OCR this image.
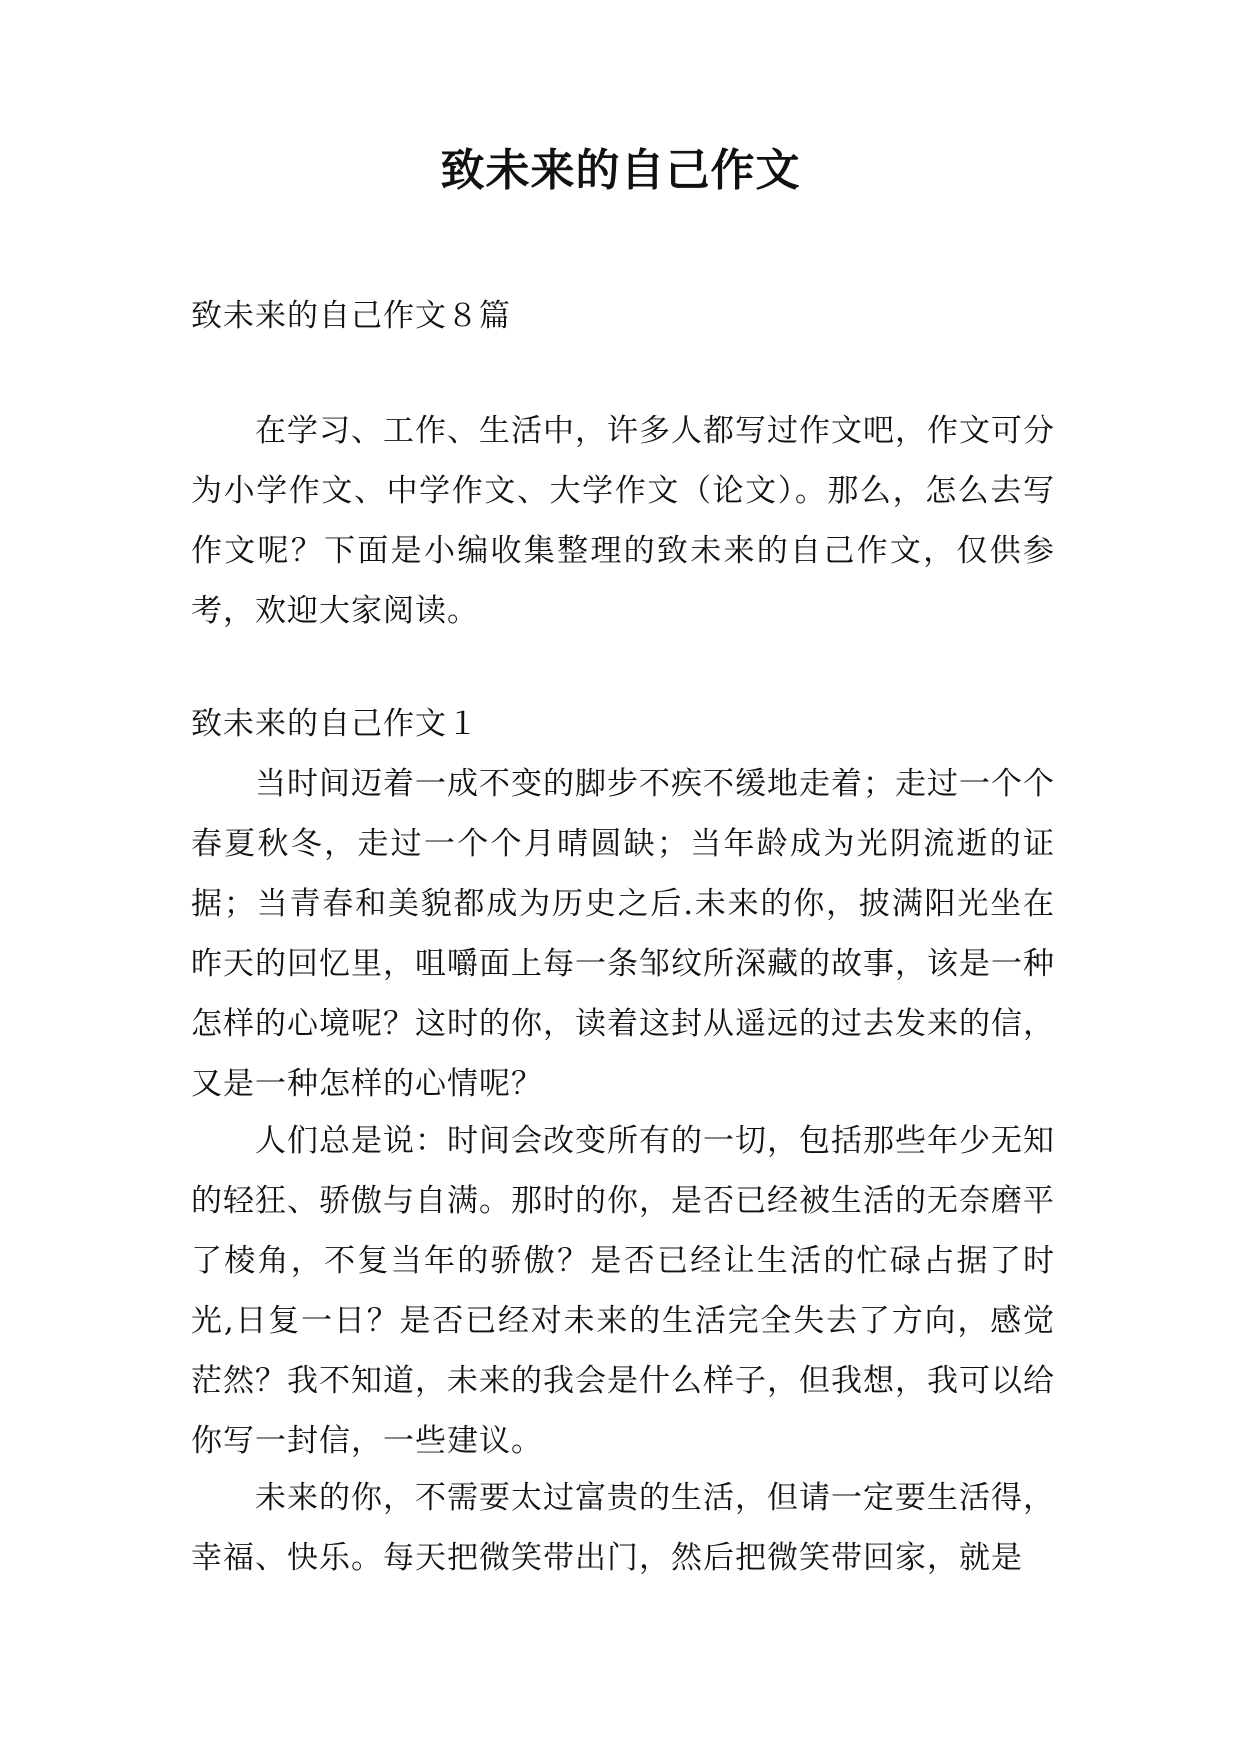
致未来的自己作文

致未来的自己作文８篇

在学习、工作、生活中，许多人都写过作文吧，作文可分为小学作文、中学作文、大学作文（论文）。那么，怎么去写作文呢？下面是小编收集整理的致未来的自己作文，仅供参考，欢迎大家阅读。

致未来的自己作文１

当时间迈着一成不变的脚步不疾不缓地走着；走过一个个春夏秋冬，走过一个个月晴圆缺；当年龄成为光阴流逝的证据；当青春和美貌都成为历史之后.未来的你，披满阳光坐在昨天的回忆里，咀嚼面上每一条邹纹所深藏的故事，该是一种怎样的心境呢？这时的你，读着这封从遥远的过去发来的信，又是一种怎样的心情呢？

人们总是说：时间会改变所有的一切，包括那些年少无知的轻狂、骄傲与自满。那时的你，是否已经被生活的无奈磨平了棱角，不复当年的骄傲？是否已经让生活的忙碌占据了时光,日复一日？是否已经对未来的生活完全失去了方向，感觉茫然？我不知道，未来的我会是什么样子，但我想，我可以给你写一封信，一些建议。

未来的你，不需要太过富贵的生活，但请一定要生活得，幸福、快乐。每天把微笑带出门，然后把微笑带回家，就是
